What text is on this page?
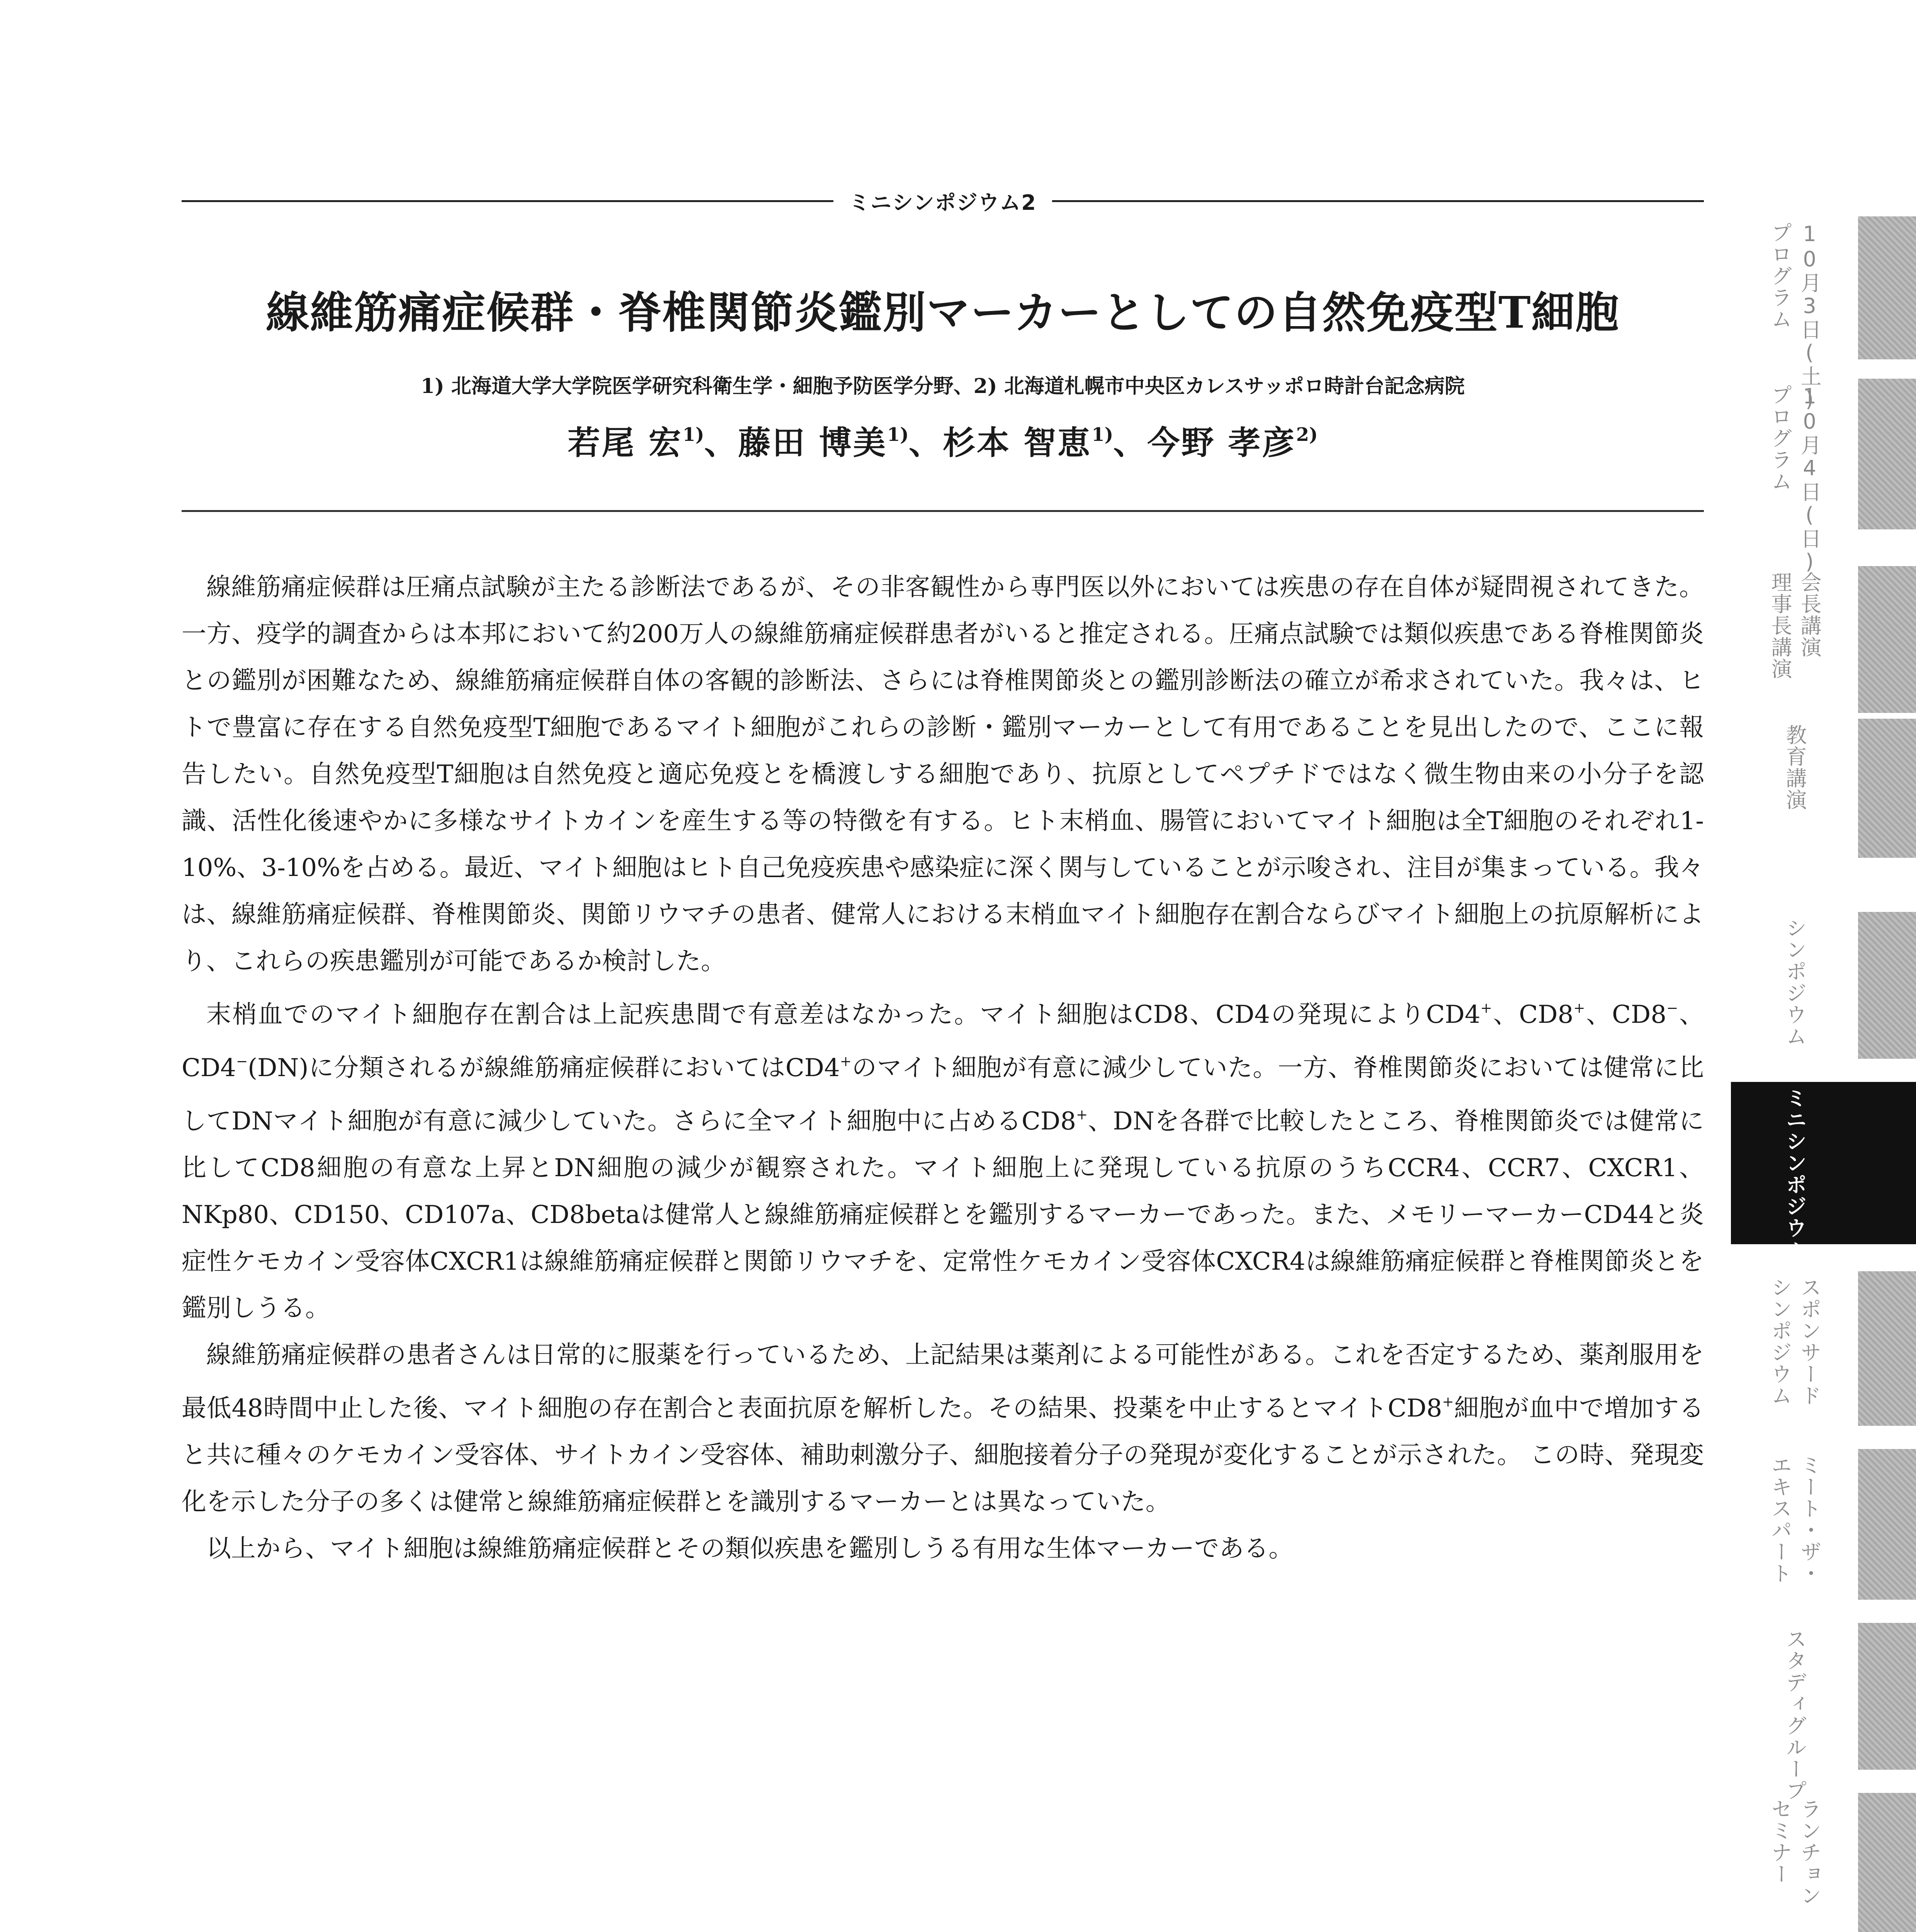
ミニシンポジウム2
線維筋痛症候群・脊椎関節炎鑑別マーカーとしての自然免疫型T細胞
1) 北海道大学大学院医学研究科衛生学・細胞予防医学分野、2) 北海道札幌市中央区カレスサッポロ時計台記念病院
若尾 宏$^{1)}$、藤田 博美$^{1)}$、杉本 智恵$^{1)}$、今野 孝彦$^{2)}$

線維筋痛症候群は圧痛点試験が主たる診断法であるが、その非客観性から専門医以外においては疾患の存在自体が疑問視されてきた。一方、疫学的調査からは本邦において約200万人の線維筋痛症候群患者がいると推定される。圧痛点試験では類似疾患である脊椎関節炎との鑑別が困難なため、線維筋痛症候群自体の客観的診断法、さらには脊椎関節炎との鑑別診断法の確立が希求されていた。我々は、ヒトで豊富に存在する自然免疫型T細胞であるマイト細胞がこれらの診断・鑑別マーカーとして有用であることを見出したので、ここに報告したい。自然免疫型T細胞は自然免疫と適応免疫とを橋渡しする細胞であり、抗原としてペプチドではなく微生物由来の小分子を認識、活性化後速やかに多様なサイトカインを産生する等の特徴を有する。ヒト末梢血、腸管においてマイト細胞は全T細胞のそれぞれ1-10%、3-10%を占める。最近、マイト細胞はヒト自己免疫疾患や感染症に深く関与していることが示唆され、注目が集まっている。我々は、線維筋痛症候群、脊椎関節炎、関節リウマチの患者、健常人における末梢血マイト細胞存在割合ならびマイト細胞上の抗原解析により、これらの疾患鑑別が可能であるか検討した。

末梢血でのマイト細胞存在割合は上記疾患間で有意差はなかった。マイト細胞はCD8、CD4の発現によりCD4+、CD8+、CD8−、CD4−(DN)に分類されるが線維筋痛症候群においてはCD4+のマイト細胞が有意に減少していた。一方、脊椎関節炎においては健常に比してDNマイト細胞が有意に減少していた。さらに全マイト細胞中に占めるCD8+、DNを各群で比較したところ、脊椎関節炎では健常に比してCD8細胞の有意な上昇とDN細胞の減少が観察された。マイト細胞上に発現している抗原のうちCCR4、CCR7、CXCR1、NKp80、CD150、CD107a、CD8betaは健常人と線維筋痛症候群とを鑑別するマーカーであった。また、メモリーマーカーCD44と炎症性ケモカイン受容体CXCR1は線維筋痛症候群と関節リウマチを、定常性ケモカイン受容体CXCR4は線維筋痛症候群と脊椎関節炎とを鑑別しうる。

線維筋痛症候群の患者さんは日常的に服薬を行っているため、上記結果は薬剤による可能性がある。これを否定するため、薬剤服用を最低48時間中止した後、マイト細胞の存在割合と表面抗原を解析した。その結果、投薬を中止するとマイトCD8+細胞が血中で増加すると共に種々のケモカイン受容体、サイトカイン受容体、補助刺激分子、細胞接着分子の発現が変化することが示された。 この時、発現変化を示した分子の多くは健常と線維筋痛症候群とを識別するマーカーとは異なっていた。

以上から、マイト細胞は線維筋痛症候群とその類似疾患を鑑別しうる有用な生体マーカーである。

10月3日(土)
プログラム
10月4日(日)
プログラム
会長講演
理事長講演
教育講演
シンポジウム
ミニシンポジウム
スポンサード
シンポジウム
ミート・ザ・
エキスパート
スタディグループ
ランチョン
セミナー
